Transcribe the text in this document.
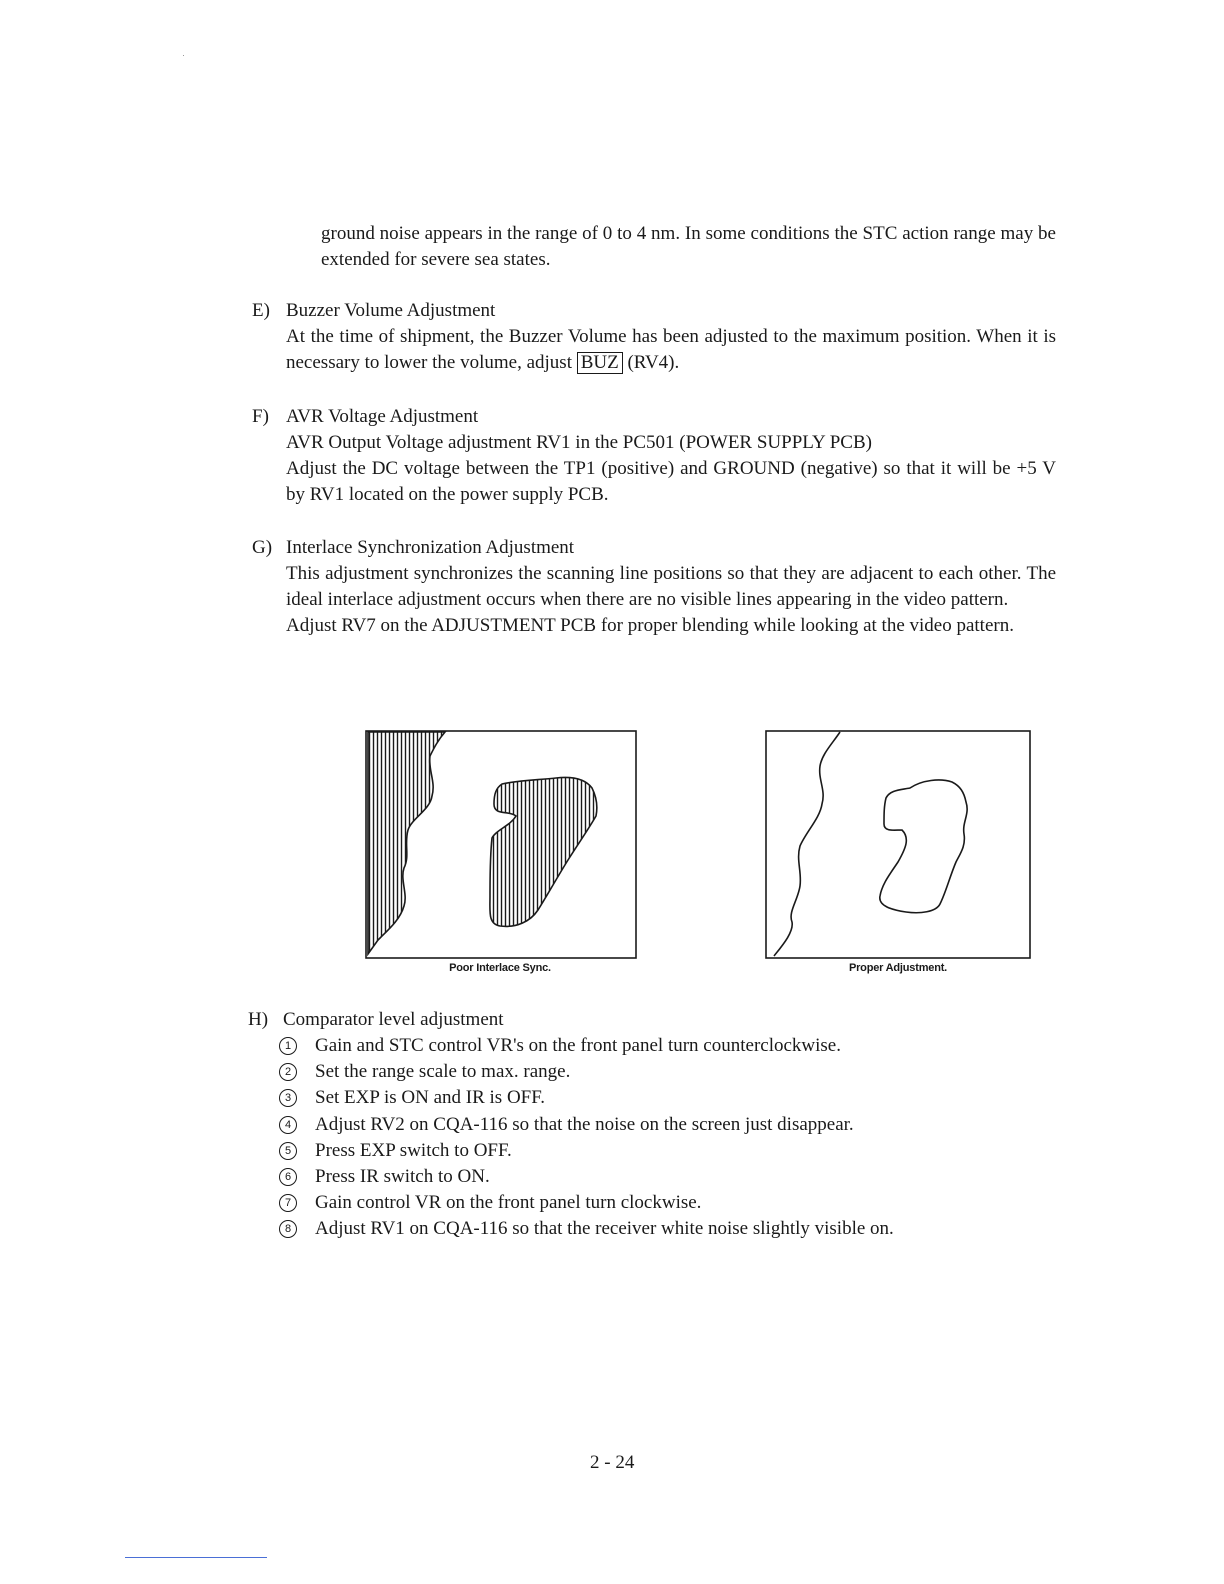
ground noise appears in the range of 0 to 4 nm. In some conditions the STC action range may be extended for severe sea states.
E) Buzzer Volume Adjustment
At the time of shipment, the Buzzer Volume has been adjusted to the maximum position. When it is necessary to lower the volume, adjust BUZ (RV4).
F) AVR Voltage Adjustment
AVR Output Voltage adjustment RV1 in the PC501 (POWER SUPPLY PCB)
Adjust the DC voltage between the TP1 (positive) and GROUND (negative) so that it will be +5 V by RV1 located on the power supply PCB.
G) Interlace Synchronization Adjustment
This adjustment synchronizes the scanning line positions so that they are adjacent to each other. The ideal interlace adjustment occurs when there are no visible lines appearing in the video pattern.
Adjust RV7 on the ADJUSTMENT PCB for proper blending while looking at the video pattern.
Poor Interlace Sync.	Proper Adjustment.
H) Comparator level adjustment
1	Gain and STC control VR's on the front panel turn counterclockwise.
2	Set the range scale to max. range.
3	Set EXP is ON and IR is OFF.
4	Adjust RV2 on CQA-116 so that the noise on the screen just disappear.
5	Press EXP switch to OFF.
6	Press IR switch to ON.
7	Gain control VR on the front panel turn clockwise.
8	Adjust RV1 on CQA-116 so that the receiver white noise slightly visible on.
2 - 24
